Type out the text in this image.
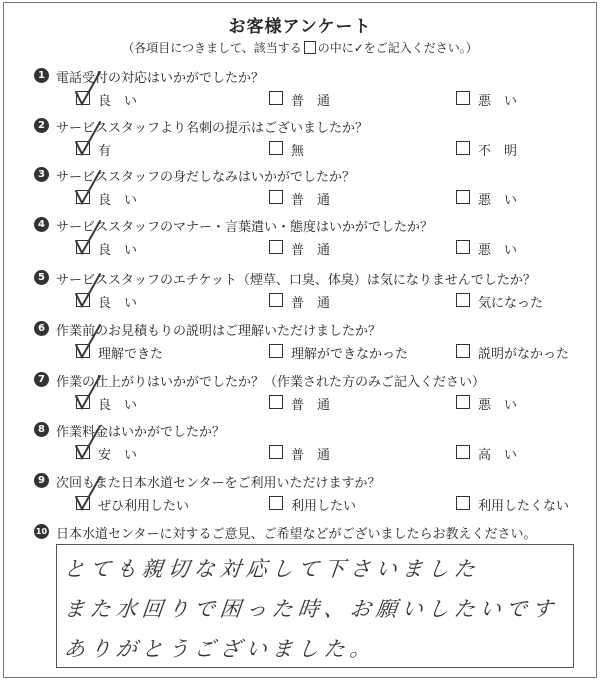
お客様アンケート
（各項目につきまして、該当する の中に✓をご記入ください。）
1 電話受付の対応はいかがでしたか？
良　い	普　通	悪　い
2 サービススタッフより名刺の提示はございましたか？
有	無	不　明
3 サービススタッフの身だしなみはいかがでしたか？
良　い	普　通	悪　い
4 サービススタッフのマナー・言葉遣い・態度はいかがでしたか？
良　い	普　通	悪　い
5 サービススタッフのエチケット（煙草、口臭、体臭）は気になりませんでしたか？
良　い	普　通	気になった
6 作業前のお見積もりの説明はご理解いただけましたか？
理解できた	理解ができなかった	説明がなかった
7 作業の仕上がりはいかがでしたか？（作業された方のみご記入ください）
良　い	普　通	悪　い
8 作業料金はいかがでしたか？
安　い	普　通	高　い
9 次回もまた日本水道センターをご利用いただけますか？
ぜひ利用したい	利用したい	利用したくない
10 日本水道センターに対するご意見、ご希望などがございましたらお教えください。
とても親切な対応して下さいました
また水回りで困った時、お願いしたいです
ありがとうございました。
